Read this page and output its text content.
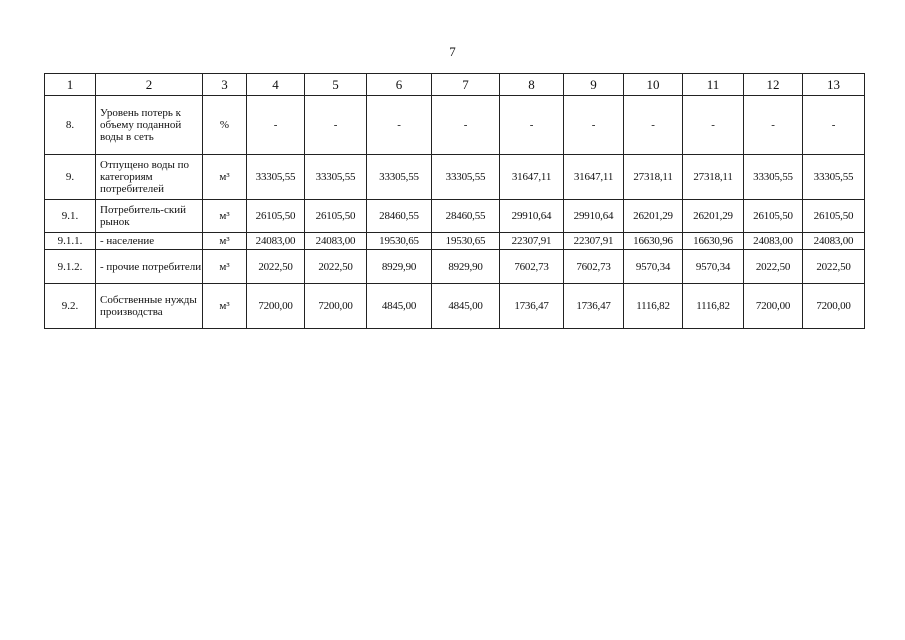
7
1	2	3	4	5	6	7	8	9	10	11	12	13
8.	Уровень потерь к объему поданной воды в сеть	%	-	-	-	-	-	-	-	-	-	-
9.	Отпущено воды по категориям потребителей	м³	33305,55	33305,55	33305,55	33305,55	31647,11	31647,11	27318,11	27318,11	33305,55	33305,55
9.1.	Потребитель-ский рынок	м³	26105,50	26105,50	28460,55	28460,55	29910,64	29910,64	26201,29	26201,29	26105,50	26105,50
9.1.1.	- население	м³	24083,00	24083,00	19530,65	19530,65	22307,91	22307,91	16630,96	16630,96	24083,00	24083,00
9.1.2.	- прочие потребители	м³	2022,50	2022,50	8929,90	8929,90	7602,73	7602,73	9570,34	9570,34	2022,50	2022,50
9.2.	Собственные нужды производства	м³	7200,00	7200,00	4845,00	4845,00	1736,47	1736,47	1116,82	1116,82	7200,00	7200,00
